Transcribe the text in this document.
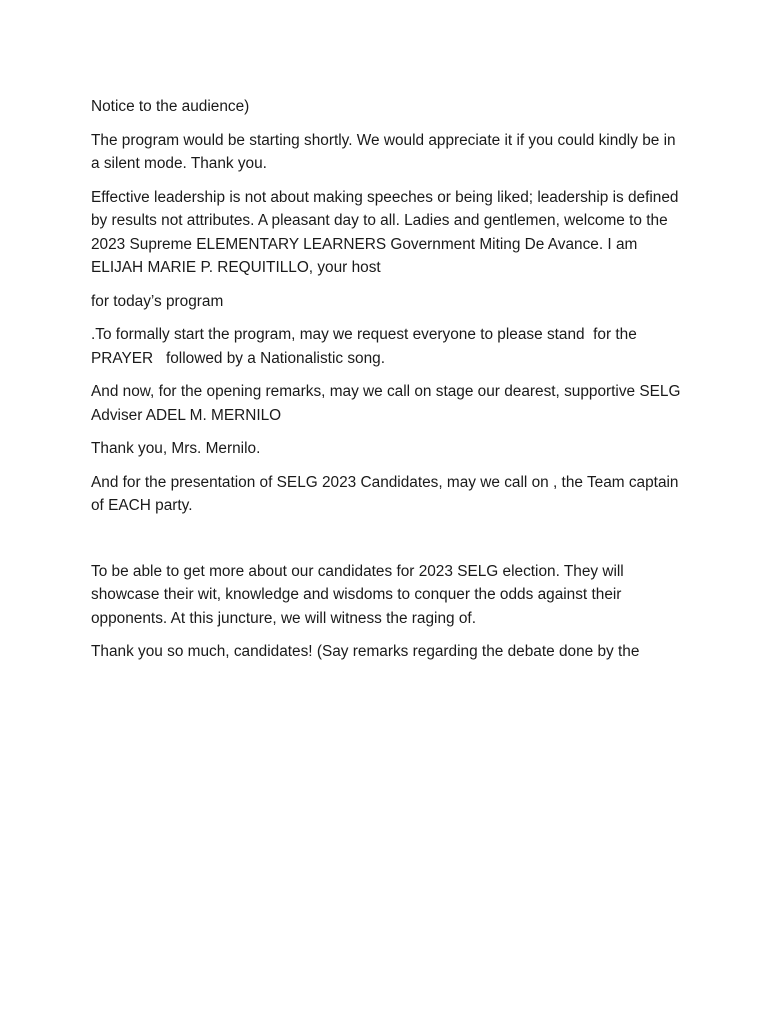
Notice to the audience)

The program would be starting shortly. We would appreciate it if you could kindly be in a silent mode. Thank you.

Effective leadership is not about making speeches or being liked; leadership is defined by results not attributes. A pleasant day to all. Ladies and gentlemen, welcome to the 2023 Supreme ELEMENTARY LEARNERS Government Miting De Avance. I am ELIJAH MARIE P. REQUITILLO, your host

for today’s program

.To formally start the program, may we request everyone to please stand  for the PRAYER   followed by a Nationalistic song.

And now, for the opening remarks, may we call on stage our dearest, supportive SELG Adviser ADEL M. MERNILO

Thank you, Mrs. Mernilo.

And for the presentation of SELG 2023 Candidates, may we call on , the Team captain of EACH party.

To be able to get more about our candidates for 2023 SELG election. They will showcase their wit, knowledge and wisdoms to conquer the odds against their opponents. At this juncture, we will witness the raging of.

Thank you so much, candidates! (Say remarks regarding the debate done by the
